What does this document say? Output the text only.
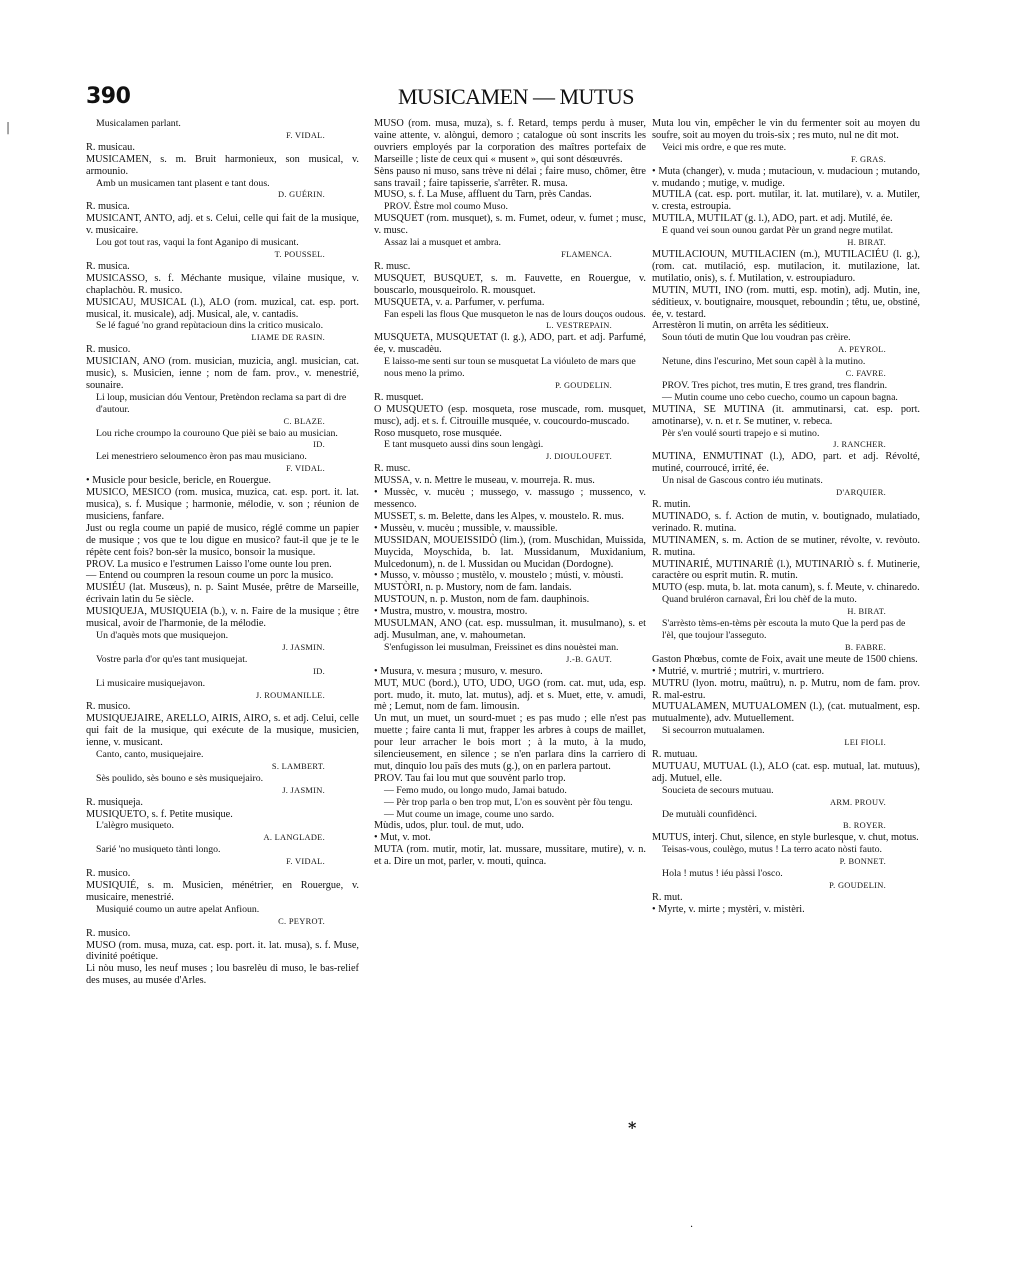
390	MUSICAMEN — MUTUS
|	Musicalamen parlant.
F. VIDAL.
R. musicau.
MUSICAMEN, s. m. Bruit harmonieux, son musical, v. armounio.
Amb un musicamen tant plasent e tant dous.
D. GUÉRIN.
R. musica.
MUSICANT, ANTO, adj. et s. Celui, celle qui fait de la musique, v. musicaire.
Lou got tout ras, vaqui la font Aganipo di musicant.
T. POUSSEL.
R. musica.
MUSICASSO, s. f. Méchante musique, vilaine musique, v. chaplachòu. R. musico.
MUSICAU, MUSICAL (l.), ALO (rom. muzical, cat. esp. port. musical, it. musicale), adj. Musical, ale, v. cantadis.
Se lé fagué 'no grand repùtacioun dins la critico musicalo.
LIAME DE RASIN.
R. musico.
MUSICIAN, ANO (rom. musician, muzicia, angl. musician, cat. music), s. Musicien, ienne ; nom de fam. prov., v. menestrié, sounaire.
Li loup, musician dóu Ventour, Pretèndon reclama sa part di dre d'autour.
C. BLAZE.
Lou riche croumpo la courouno Que pièi se baio au musician.
ID.
Lei menestriero seloumenco èron pas mau musiciano.
F. VIDAL.
• Musicle pour besicle, bericle, en Rouergue.
MUSICO, MESICO (rom. musica, muzica, cat. esp. port. it. lat. musica), s. f. Musique ; harmonie, mélodie, v. son ; réunion de musiciens, fanfare.
Just ou regla coume un papié de musico, réglé comme un papier de musique ; vos que te lou digue en musico? faut-il que je te le répète cent fois? bon-sèr la musico, bonsoir la musique.
PROV. La musico e l'estrumen Laisso l'ome ounte lou pren.
— Entend ou coumpren la resoun coume un porc la musico.
MUSIÉU (lat. Musœus), n. p. Saint Musée, prêtre de Marseille, écrivain latin du 5e siècle.
MUSIQUEJA, MUSIQUEIA (b.), v. n. Faire de la musique ; être musical, avoir de l'harmonie, de la mélodie.
Un d'aquès mots que musiquejon.
J. JASMIN.
Vostre parla d'or qu'es tant musiquejat.
ID.
Li musicaire musiquejavon.
J. ROUMANILLE.
R. musico.
MUSIQUEJAIRE, ARELLO, AIRIS, AIRO, s. et adj. Celui, celle qui fait de la musique, qui exécute de la musique, musicien, ienne, v. musicant.
Canto, canto, musiquejaire.
S. LAMBERT.
Sès poulido, sès bouno e sès musiquejairo.
J. JASMIN.
R. musiqueja.
MUSIQUETO, s. f. Petite musique.
L'alègro musiqueto.
A. LANGLADE.
Sarié 'no musiqueto tànti longo.
F. VIDAL.
R. musico.
MUSIQUIÉ, s. m. Musicien, ménétrier, en Rouergue, v. musicaire, menestrié.
Musiquié coumo un autre apelat Anfioun.
C. PEYROT.
R. musico.
MUSO (rom. musa, muza, cat. esp. port. it. lat. musa), s. f. Muse, divinité poétique.
Li nòu muso, les neuf muses ; lou basrelèu di muso, le bas-relief des muses, au musée d'Arles.
MUSO (rom. musa, muza), s. f. Retard, temps perdu à muser, vaine attente, v. alòngui, demoro ; catalogue où sont inscrits les ouvriers employés par la corporation des maîtres portefaix de Marseille ; liste de ceux qui « musent », qui sont désœuvrés.
Sèns pauso ni muso, sans trève ni délai ; faire muso, chômer, être sans travail ; faire tapisserie, s'arrêter. R. musa.
MUSO, s. f. La Muse, affluent du Tarn, près Candas.
PROV. Èstre mol coumo Muso.
MUSQUET (rom. musquet), s. m. Fumet, odeur, v. fumet ; musc, v. musc.
Assaz lai a musquet et ambra.
FLAMENCA.
R. musc.
MUSQUET, BUSQUET, s. m. Fauvette, en Rouergue, v. bouscarlo, mousqueirolo. R. mousquet.
MUSQUETA, v. a. Parfumer, v. perfuma.
Fan espeli las flous Que musqueton le nas de lours douços oudous.
L. VESTREPAIN.
MUSQUETA, MUSQUETAT (l. g.), ADO, part. et adj. Parfumé, ée, v. muscadèu.
E laisso-me senti sur toun se musquetat La vióuleto de mars que nous meno la primo.
P. GOUDELIN.
R. musquet.
O MUSQUETO (esp. mosqueta, rose muscade, rom. musquet, musc), adj. et s. f. Citrouille musquée, v. coucourdo-muscado.
Roso musqueto, rose musquée.
E tant musqueto aussi dins soun lengàgi.
J. DIOULOUFET.
R. musc.
MUSSA, v. n. Mettre le museau, v. mourreja. R. mus.
• Mussèc, v. mucèu ; mussego, v. massugo ; mussenco, v. messenco.
MUSSET, s. m. Belette, dans les Alpes, v. moustelo. R. mus.
• Mussèu, v. mucèu ; mussible, v. maussible.
MUSSIDAN, MOUEISSIDÒ (lim.), (rom. Muschidan, Muissida, Muycida, Moyschida, b. lat. Mussidanum, Muxidanium, Mulcedonum), n. de l. Mussidan ou Mucidan (Dordogne).
• Musso, v. mòusso ; mustèlo, v. moustelo ; músti, v. mòusti.
MUSTÒRI, n. p. Mustory, nom de fam. landais.
MUSTOUN, n. p. Muston, nom de fam. dauphinois.
• Mustra, mustro, v. moustra, mostro.
MUSULMAN, ANO (cat. esp. mussulman, it. musulmano), s. et adj. Musulman, ane, v. mahoumetan.
S'enfugisson lei musulman, Freissinet es dins nouèstei man.
J.-B. GAUT.
• Musura, v. mesura ; musuro, v. mesuro.
MUT, MUC (bord.), UTO, UDO, UGO (rom. cat. mut, uda, esp. port. mudo, it. muto, lat. mutus), adj. et s. Muet, ette, v. amudi, mè ; Lemut, nom de fam. limousin.
Un mut, un muet, un sourd-muet ; es pas mudo ; elle n'est pas muette ; faire canta li mut, frapper les arbres à coups de maillet, pour leur arracher le bois mort ; à la muto, à la mudo, silencieusement, en silence ; se n'en parlara dins la carriero di mut, dinquio lou païs des muts (g.), on en parlera partout.
PROV. Tau fai lou mut que souvènt parlo trop.
— Femo mudo, ou longo mudo, Jamai batudo.
— Pèr trop parla o ben trop mut, L'on es souvènt pèr fòu tengu.
— Mut coume un image, coume uno sardo.
Mùdis, udos, plur. toul. de mut, udo.
• Mut, v. mot.
MUTA (rom. mutir, motir, lat. mussare, mussitare, mutire), v. n. et a. Dire un mot, parler, v. mouti, quinca.
Muta lou vin, empêcher le vin du fermenter soit au moyen du soufre, soit au moyen du trois-six ; res muto, nul ne dit mot.
Veici mis ordre, e que res mute.
F. GRAS.
• Muta (changer), v. muda ; mutacioun, v. mudacioun ; mutando, v. mudando ; mutige, v. mudige.
MUTILA (cat. esp. port. mutilar, it. lat. mutilare), v. a. Mutiler, v. cresta, estroupia.
MUTILA, MUTILAT (g. l.), ADO, part. et adj. Mutilé, ée.
E quand vei soun ounou gardat Pèr un grand negre mutilat.
H. BIRAT.
MUTILACIOUN, MUTILACIEN (m.), MUTILACIÉU (l. g.), (rom. cat. mutilació, esp. mutilacion, it. mutilazione, lat. mutilatio, onis), s. f. Mutilation, v. estroupiaduro.
MUTIN, MUTI, INO (rom. mutti, esp. motin), adj. Mutin, ine, séditieux, v. boutignaire, mousquet, reboundin ; têtu, ue, obstiné, ée, v. testard.
Arrestèron li mutin, on arrêta les séditieux.
Soun tóuti de mutin Que lou voudran pas crèire.
A. PEYROL.
Netune, dins l'escurino, Met soun capèl à la mutino.
C. FAVRE.
PROV. Tres pichot, tres mutin, E tres grand, tres flandrin.
— Mutin coume uno cebo cuecho, coumo un capoun bagna.
MUTINA, SE MUTINA (it. ammutinarsi, cat. esp. port. amotinarse), v. n. et r. Se mutiner, v. rebeca.
Pèr s'en voulé sourti trapejo e si mutino.
J. RANCHER.
MUTINA, ENMUTINAT (l.), ADO, part. et adj. Révolté, mutiné, courroucé, irrité, ée.
Un nisal de Gascous contro iéu mutinats.
D'ARQUIER.
R. mutin.
MUTINADO, s. f. Action de mutin, v. boutignado, mulatiado, verinado. R. mutina.
MUTINAMEN, s. m. Action de se mutiner, révolte, v. revòuto. R. mutina.
MUTINARIÉ, MUTINARIÈ (l.), MUTINARIÒ s. f. Mutinerie, caractère ou esprit mutin. R. mutin.
MUTO (esp. muta, b. lat. mota canum), s. f. Meute, v. chinaredo.
Quand bruléron carnaval, Èri lou chèf de la muto.
H. BIRAT.
S'arrèsto tèms-en-tèms pèr escouta la muto Que la perd pas de l'èl, que toujour l'asseguto.
B. FABRE.
Gaston Phœbus, comte de Foix, avait une meute de 1500 chiens.
• Mutrié, v. murtrié ; mutriri, v. murtriero.
MUTRU (lyon. motru, maûtru), n. p. Mutru, nom de fam. prov. R. mal-estru.
MUTUALAMEN, MUTUALOMEN (l.), (cat. mutualment, esp. mutualmente), adv. Mutuellement.
Si secourron mutualamen.
LEI FIOLI.
R. mutuau.
MUTUAU, MUTUAL (l.), ALO (cat. esp. mutual, lat. mutuus), adj. Mutuel, elle.
Soucieta de secours mutuau.
ARM. PROUV.
De mutuàli counfidènci.
B. ROYER.
MUTUS, interj. Chut, silence, en style burlesque, v. chut, motus.
Teisas-vous, coulègo, mutus ! La terro acato nòsti fauto.
P. BONNET.
Hola ! mutus ! iéu pàssi l'osco.
P. GOUDELIN.
R. mut.
• Myrte, v. mirte ; mystèri, v. mistèri.
*
·
